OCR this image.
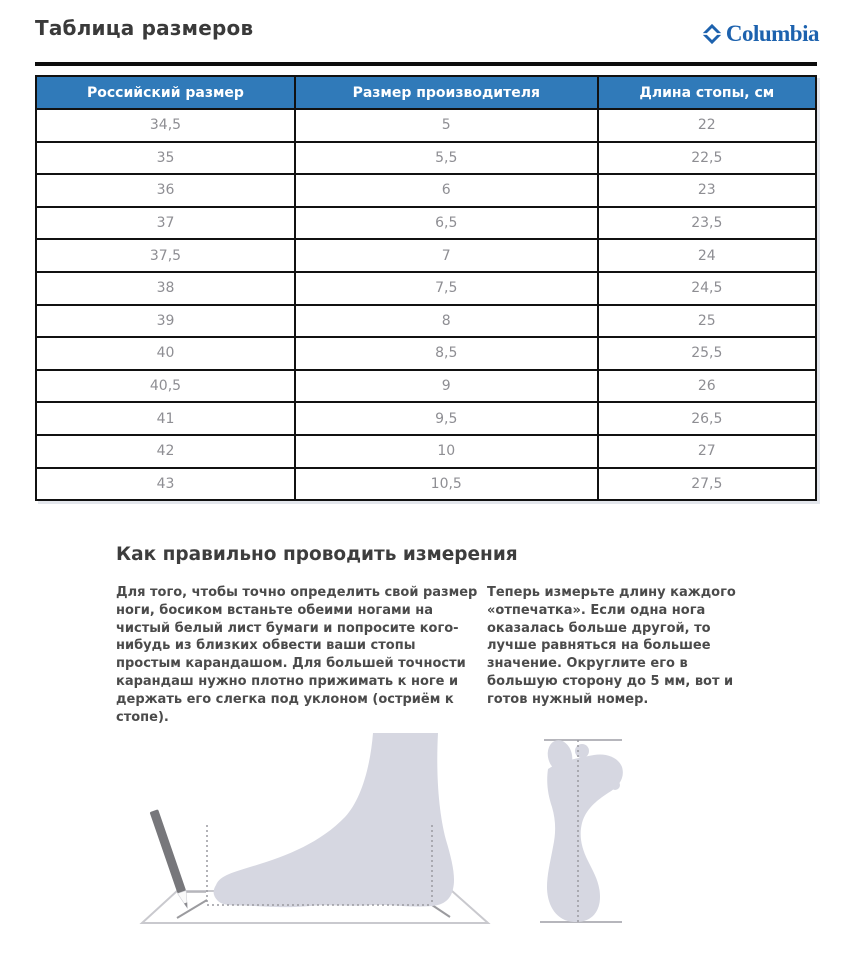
Таблица размеров	Columbia
Российский размер	Размер производителя	Длина стопы, см
34,5	5	22
35	5,5	22,5
36	6	23
37	6,5	23,5
37,5	7	24
38	7,5	24,5
39	8	25
40	8,5	25,5
40,5	9	26
41	9,5	26,5
42	10	27
43	10,5	27,5
Как правильно проводить измерения
Для того, чтобы точно определить свой размер ноги, босиком встаньте обеими ногами на чистый белый лист бумаги и попросите кого-нибудь из близких обвести ваши стопы простым карандашом. Для большей точности карандаш нужно плотно прижимать к ноге и держать его слегка под уклоном (остриём к стопе).
Теперь измерьте длину каждого «отпечатка». Если одна нога оказалась больше другой, то лучше равняться на большее значение. Округлите его в большую сторону до 5 мм, вот и готов нужный номер.
